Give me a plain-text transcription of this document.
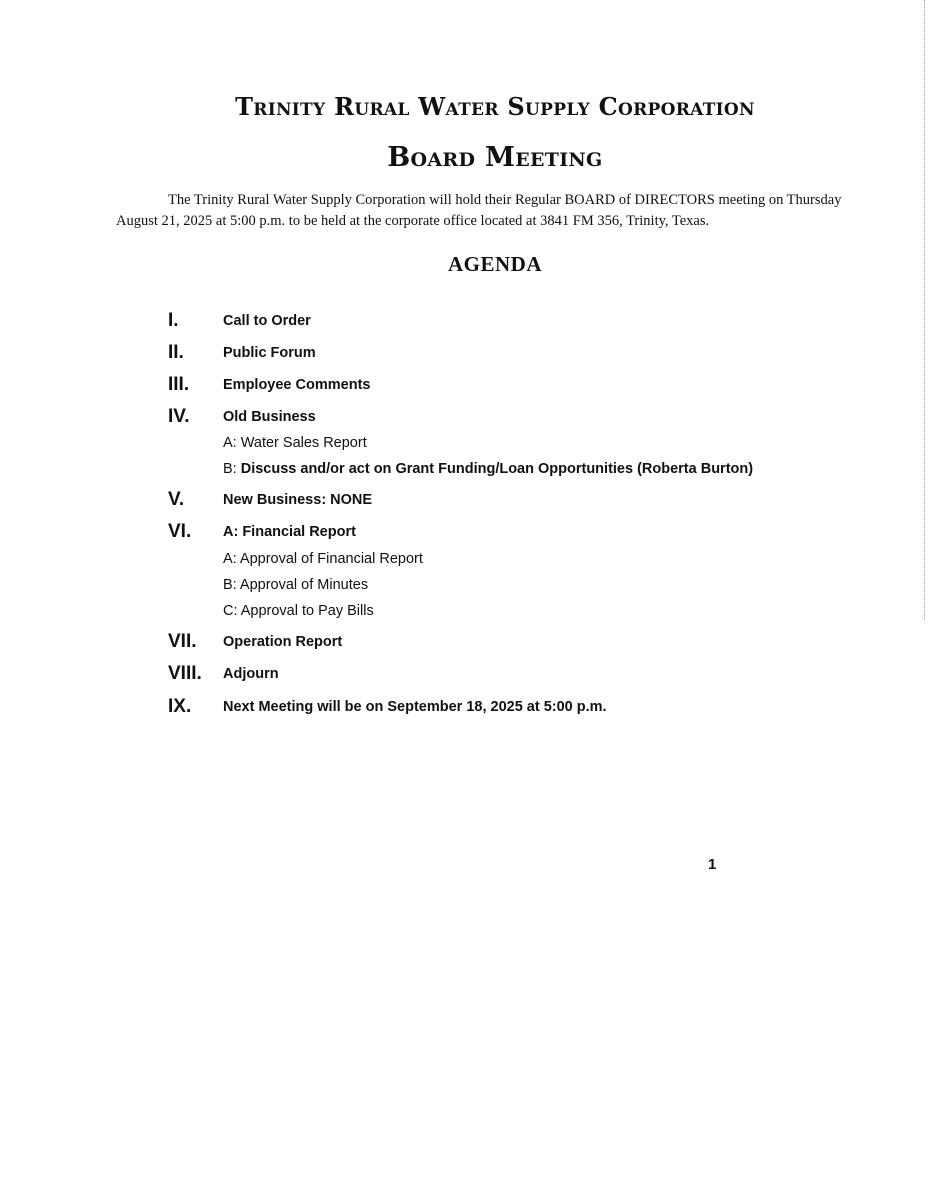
Trinity Rural Water Supply Corporation
Board Meeting

The Trinity Rural Water Supply Corporation will hold their Regular BOARD of DIRECTORS meeting on Thursday August 21, 2025 at 5:00 p.m. to be held at the corporate office located at 3841 FM 356, Trinity, Texas.

AGENDA
I.	Call to Order
II.	Public Forum
III. Employee Comments
IV. Old Business
A: Water Sales Report
B: Discuss and/or act on Grant Funding/Loan Opportunities (Roberta Burton)
V.	New Business: NONE
VI. A: Financial Report
A: Approval of Financial Report
B: Approval of Minutes
C: Approval to Pay Bills
VII. Operation Report
VIII. Adjourn
IX. Next Meeting will be on September 18, 2025 at 5:00 p.m.
1
